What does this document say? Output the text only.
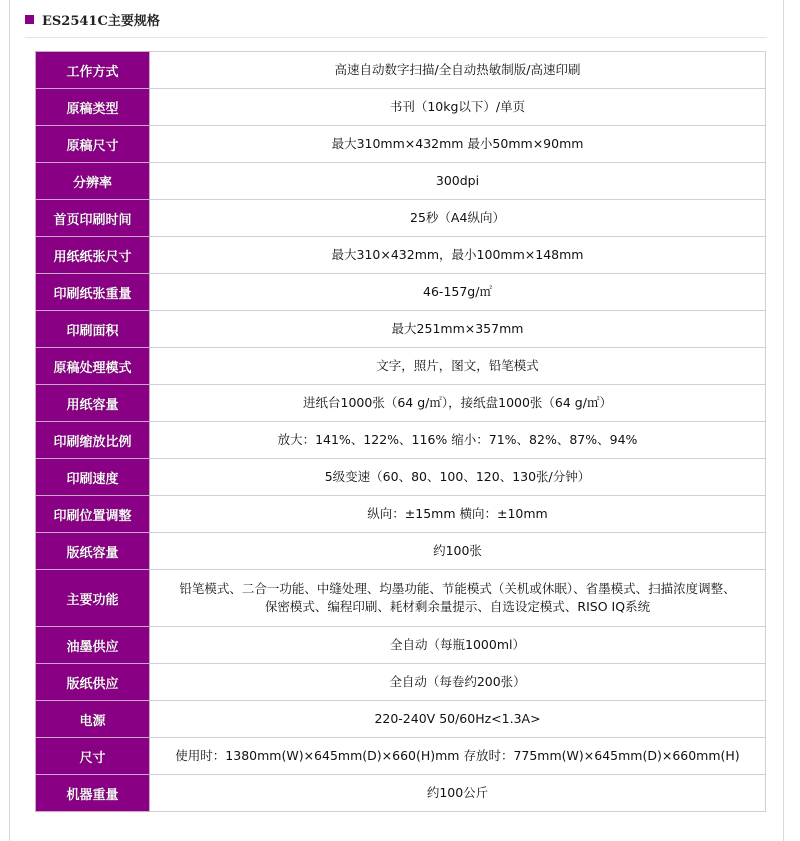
ES2541C主要规格
工作方式	高速自动数字扫描/全自动热敏制版/高速印刷
原稿类型	书刊（10kg以下）/单页
原稿尺寸	最大310mm×432mm 最小50mm×90mm
分辨率	300dpi
首页印刷时间	25秒（A4纵向）
用纸纸张尺寸	最大310×432mm，最小100mm×148mm
印刷纸张重量	46-157g/㎡
印刷面积	最大251mm×357mm
原稿处理模式	文字，照片，图文，铅笔模式
用纸容量	进纸台1000张（64 g/㎡），接纸盘1000张（64 g/㎡）
印刷缩放比例	放大：141%、122%、116% 缩小：71%、82%、87%、94%
印刷速度	5级变速（60、80、100、120、130张/分钟）
印刷位置调整	纵向：±15mm 横向：±10mm
版纸容量	约100张
主要功能	铅笔模式、二合一功能、中缝处理、均墨功能、节能模式（关机或休眠）、省墨模式、扫描浓度调整、
保密模式、编程印刷、耗材剩余量提示、自选设定模式、RISO IQ系统

油墨供应	全自动（每瓶1000ml）
版纸供应	全自动（每卷约200张）
电源	220-240V 50/60Hz<1.3A>
尺寸	使用时：1380mm(W)×645mm(D)×660(H)mm 存放时：775mm(W)×645mm(D)×660mm(H)
机器重量	约100公斤
